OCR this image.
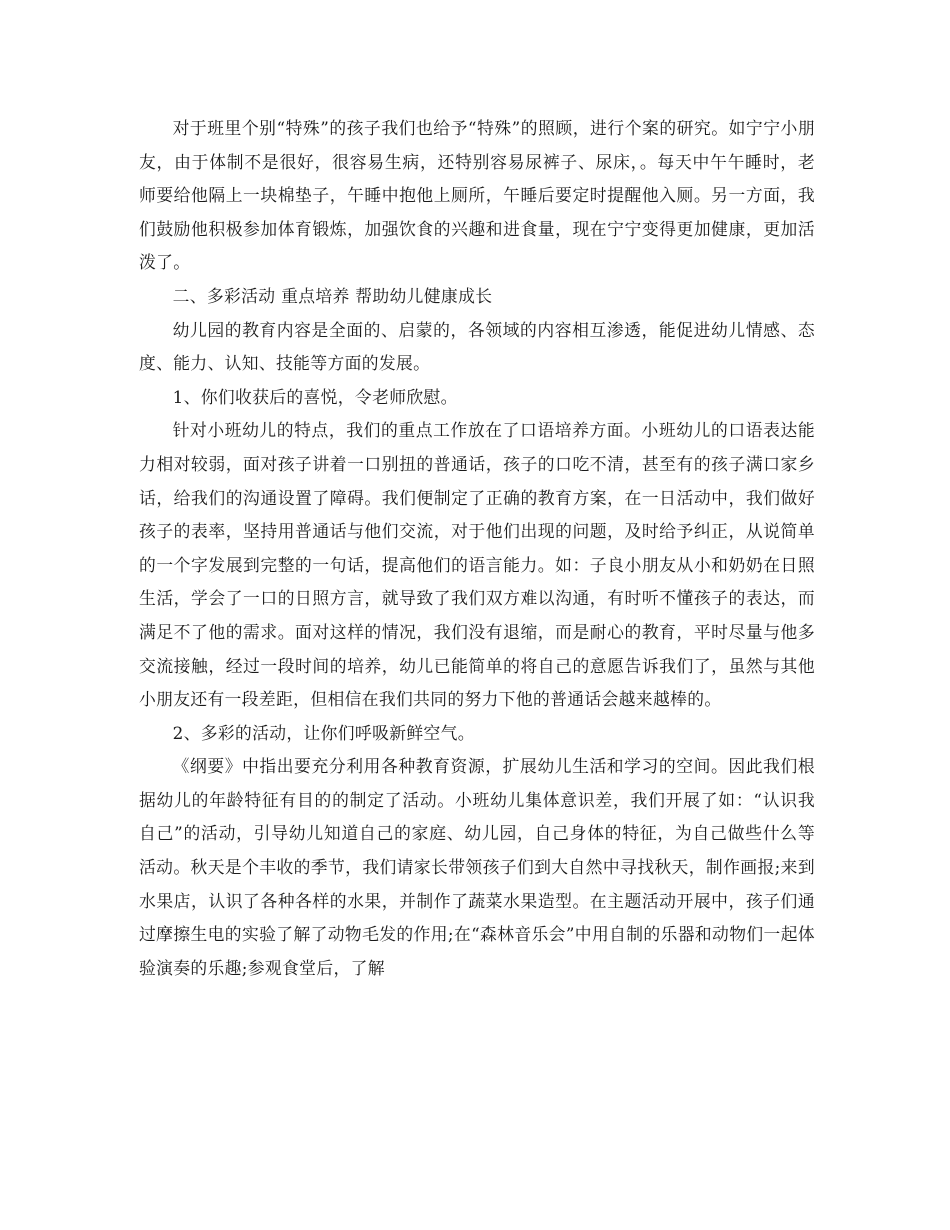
对于班里个别“特殊”的孩子我们也给予“特殊”的照顾，进行个案的研究。如宁宁小朋友，由于体制不是很好，很容易生病，还特别容易尿裤子、尿床，。每天中午午睡时，老师要给他隔上一块棉垫子，午睡中抱他上厕所，午睡后要定时提醒他入厕。另一方面，我们鼓励他积极参加体育锻炼，加强饮食的兴趣和进食量，现在宁宁变得更加健康，更加活泼了。

二、多彩活动 重点培养 帮助幼儿健康成长

幼儿园的教育内容是全面的、启蒙的，各领域的内容相互渗透，能促进幼儿情感、态度、能力、认知、技能等方面的发展。

1、你们收获后的喜悦，令老师欣慰。

针对小班幼儿的特点，我们的重点工作放在了口语培养方面。小班幼儿的口语表达能力相对较弱，面对孩子讲着一口别扭的普通话，孩子的口吃不清，甚至有的孩子满口家乡话，给我们的沟通设置了障碍。我们便制定了正确的教育方案，在一日活动中，我们做好孩子的表率，坚持用普通话与他们交流，对于他们出现的问题，及时给予纠正，从说简单的一个字发展到完整的一句话，提高他们的语言能力。如：子良小朋友从小和奶奶在日照生活，学会了一口的日照方言，就导致了我们双方难以沟通，有时听不懂孩子的表达，而满足不了他的需求。面对这样的情况，我们没有退缩，而是耐心的教育，平时尽量与他多交流接触，经过一段时间的培养，幼儿已能简单的将自己的意愿告诉我们了，虽然与其他小朋友还有一段差距，但相信在我们共同的努力下他的普通话会越来越棒的。

2、多彩的活动，让你们呼吸新鲜空气。

《纲要》中指出要充分利用各种教育资源，扩展幼儿生活和学习的空间。因此我们根据幼儿的年龄特征有目的的制定了活动。小班幼儿集体意识差，我们开展了如：“认识我自己”的活动，引导幼儿知道自己的家庭、幼儿园，自己身体的特征，为自己做些什么等活动。秋天是个丰收的季节，我们请家长带领孩子们到大自然中寻找秋天，制作画报;来到水果店，认识了各种各样的水果，并制作了蔬菜水果造型。在主题活动开展中，孩子们通过摩擦生电的实验了解了动物毛发的作用;在“森林音乐会”中用自制的乐器和动物们一起体验演奏的乐趣;参观食堂后，了解
